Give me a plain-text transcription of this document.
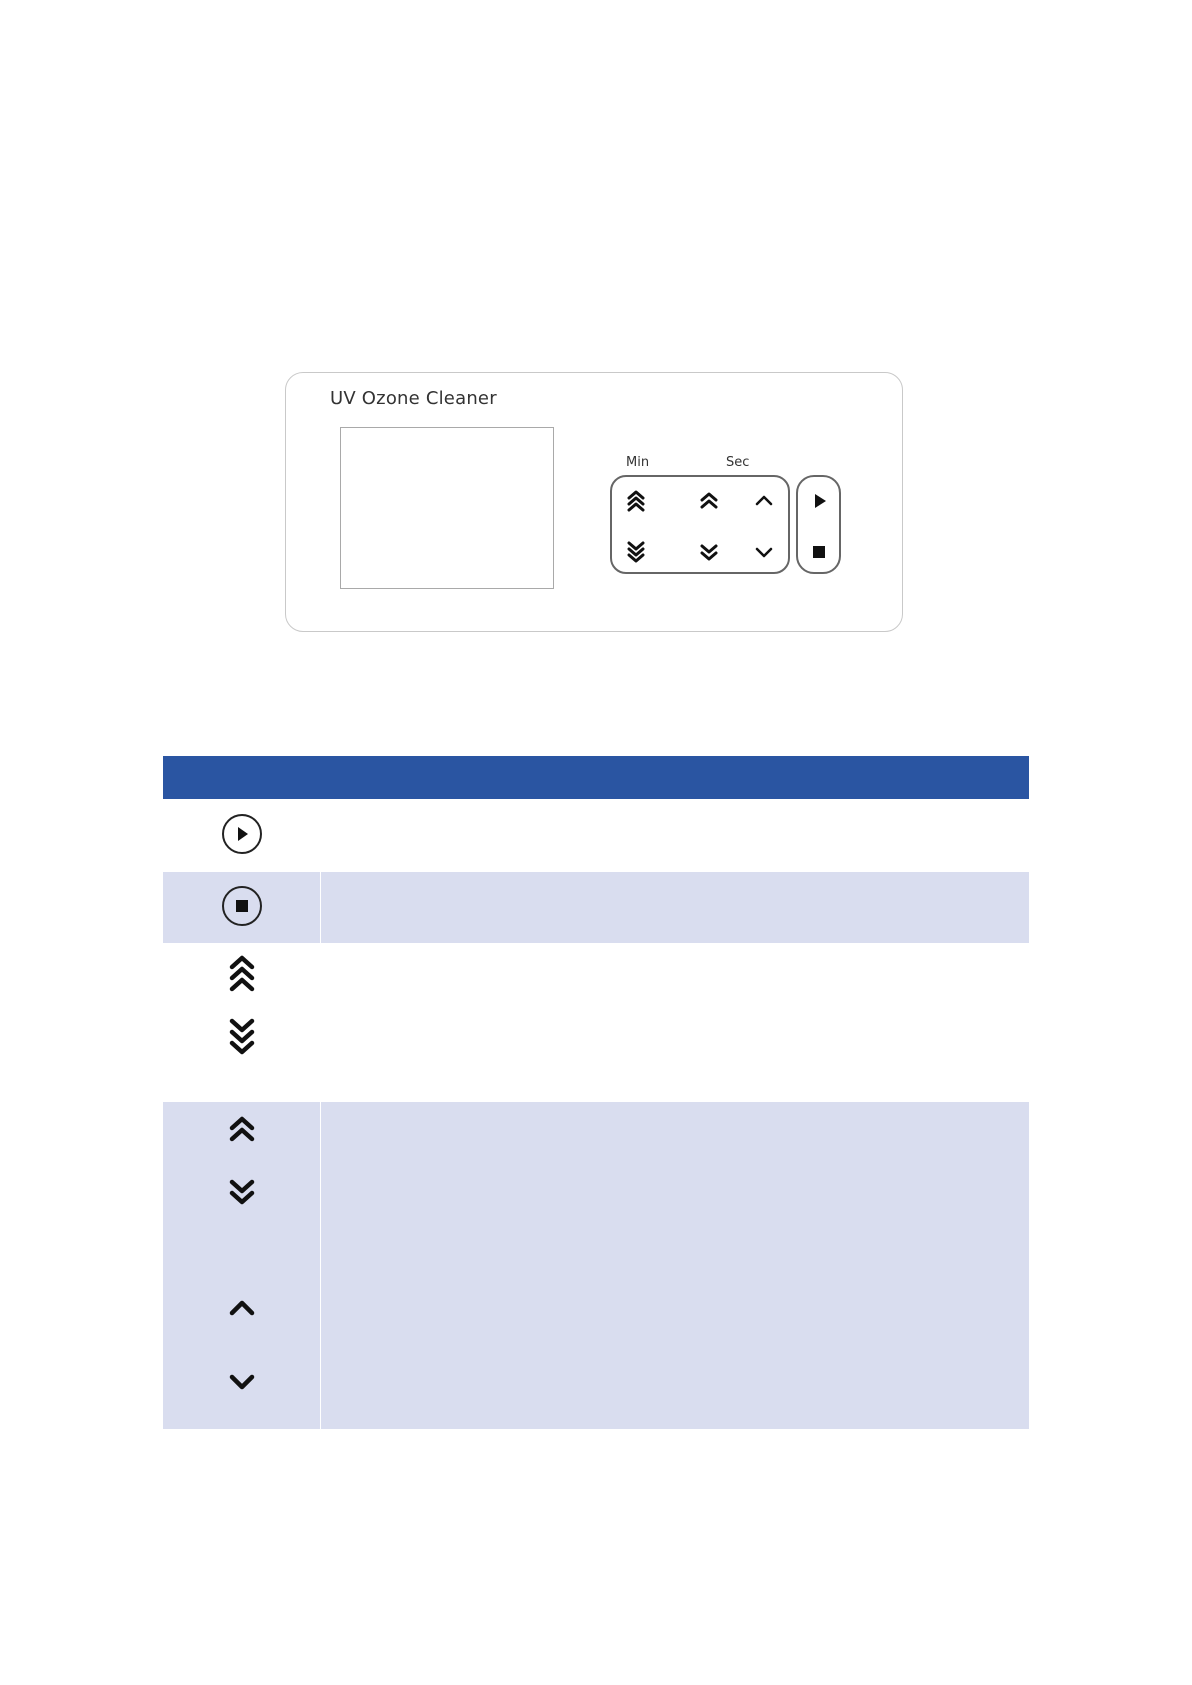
UV Ozone Cleaner
Min	Sec
